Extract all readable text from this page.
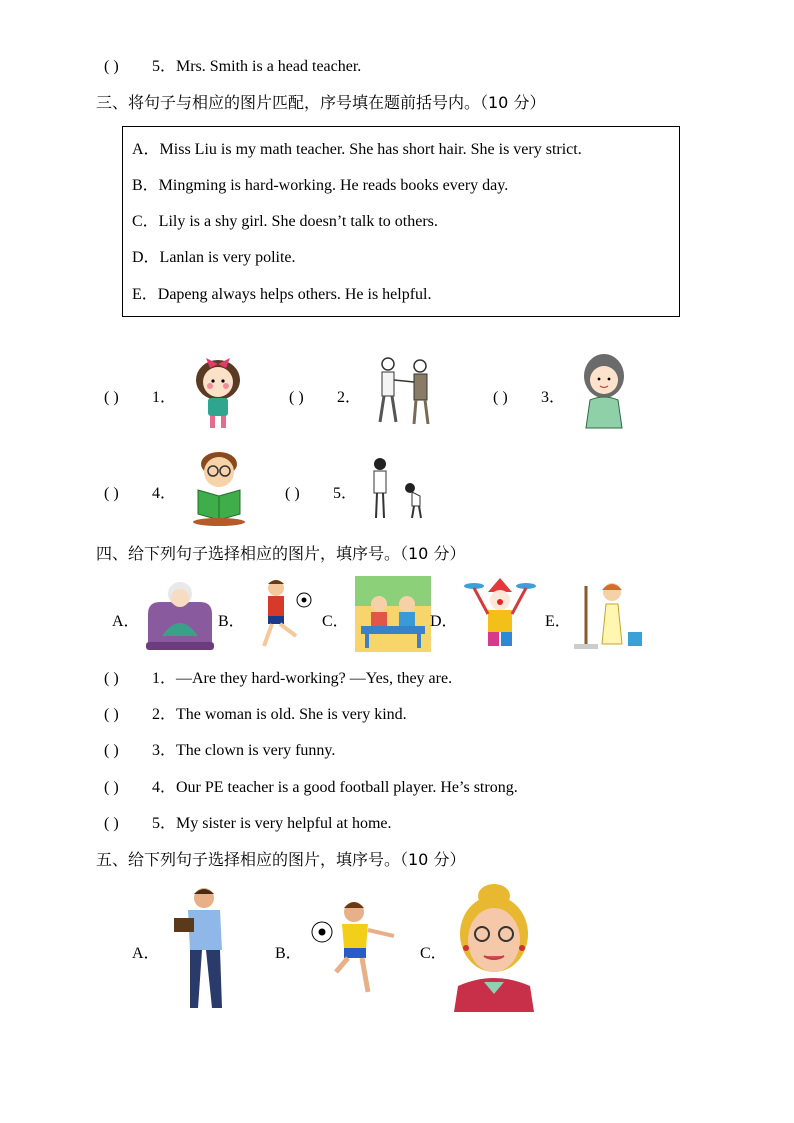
( ) 5．Mrs. Smith is a head teacher.
三、将句子与相应的图片匹配，序号填在题前括号内。（10 分）
A．Miss Liu is my math teacher. She has short hair. She is very strict.
B．Mingming is hard-working. He reads books every day.
C．Lily is a shy girl. She doesn’t talk to others.
D．Lanlan is very polite.
E．Dapeng always helps others. He is helpful.
( ) 1．	( ) 2．	( ) 3．
( ) 4．	( ) 5．
四、给下列句子选择相应的图片，填序号。（10 分）
A．	B．	C．	D．	E．
( ) 1．—Are they hard-working? —Yes, they are.
( ) 2．The woman is old. She is very kind.
( ) 3．The clown is very funny.
( ) 4．Our PE teacher is a good football player. He’s strong.
( ) 5．My sister is very helpful at home.
五、给下列句子选择相应的图片，填序号。（10 分）
A．	B．	C．
